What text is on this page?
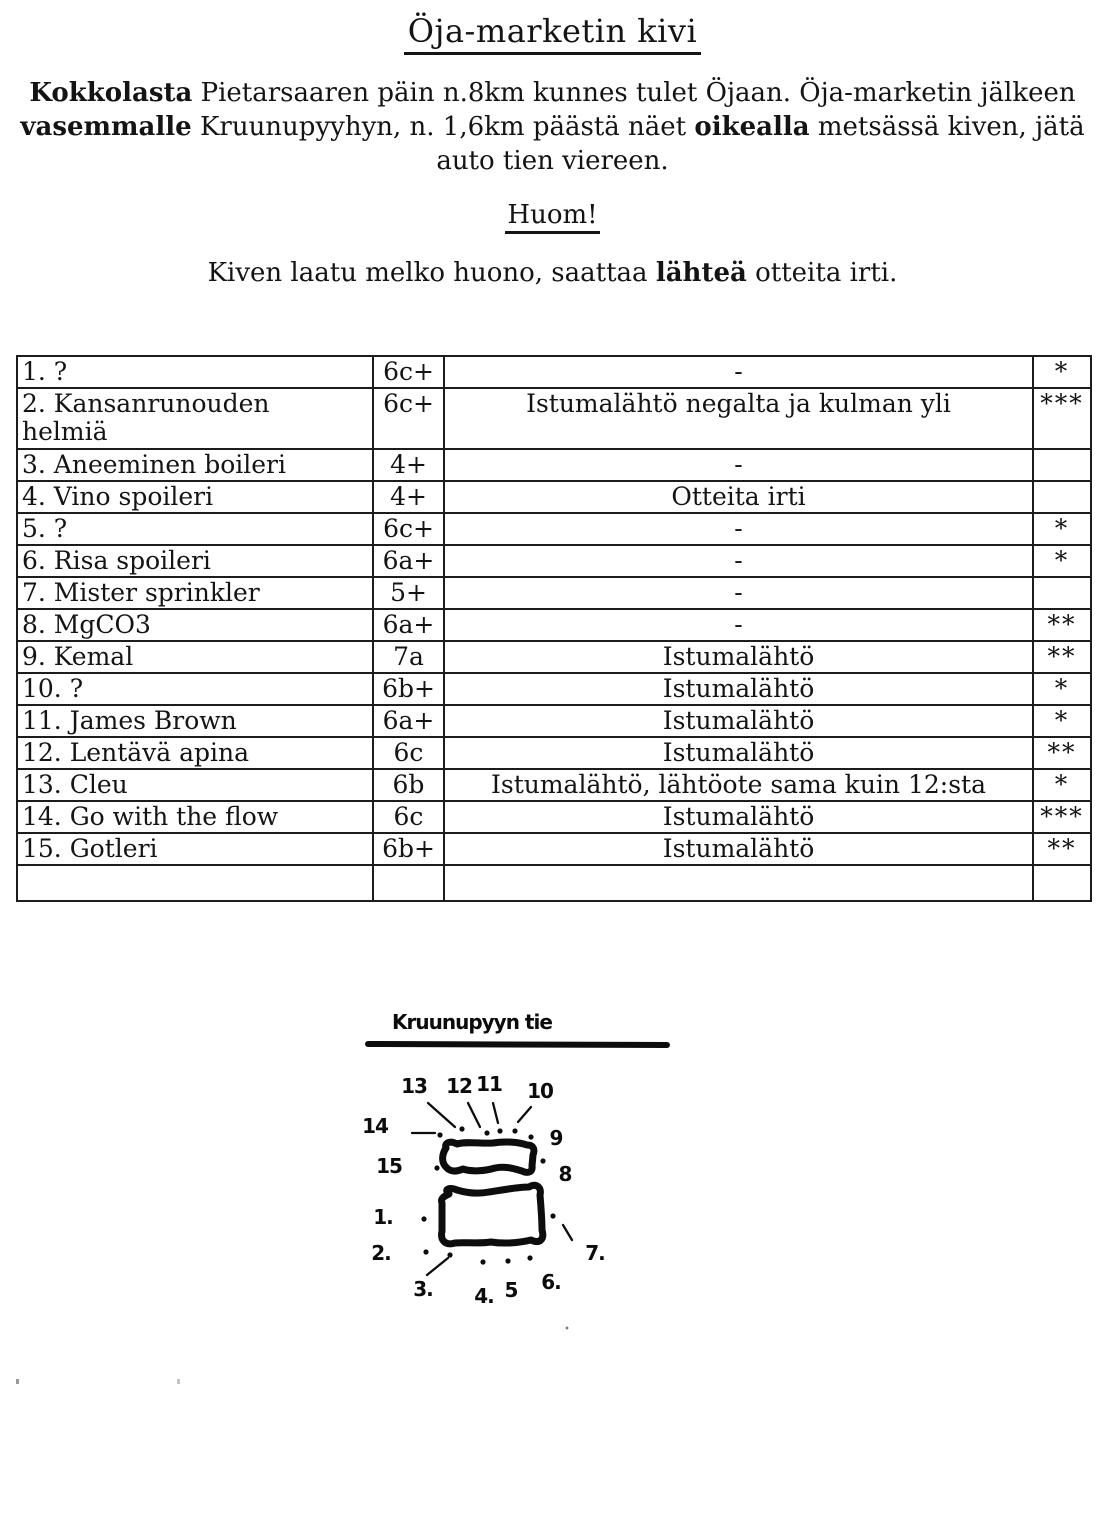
Öja-marketin kivi
Kokkolasta Pietarsaaren päin n.8km kunnes tulet Öjaan. Öja-marketin jälkeen
vasemmalle Kruunupyyhyn, n. 1,6km päästä näet oikealla metsässä kiven, jätä
auto tien viereen.
Huom!
Kiven laatu melko huono, saattaa lähteä otteita irti.
1. ?	6c+	-	*

2. Kansanrunouden helmiä	6c+	Istumalähtö negalta ja kulman yli	***

3. Aneeminen boileri	4+	-	

4. Vino spoileri	4+	Otteita irti	

5. ?	6c+	-	*

6. Risa spoileri	6a+	-	*

7. Mister sprinkler	5+	-	

8. MgCO3	6a+	-	**

9. Kemal	7a	Istumalähtö	**

10. ?	6b+	Istumalähtö	*

11. James Brown	6a+	Istumalähtö	*

12. Lentävä apina	6c	Istumalähtö	**

13. Cleu	6b	Istumalähtö, lähtöote sama kuin 12:sta	*

14. Go with the flow	6c	Istumalähtö	***

15. Gotleri	6b+	Istumalähtö	**

Kruunupyyn tie
13 12 11 10
14	9
15	8
1.
2.	7.
3. 4. 5 6.
